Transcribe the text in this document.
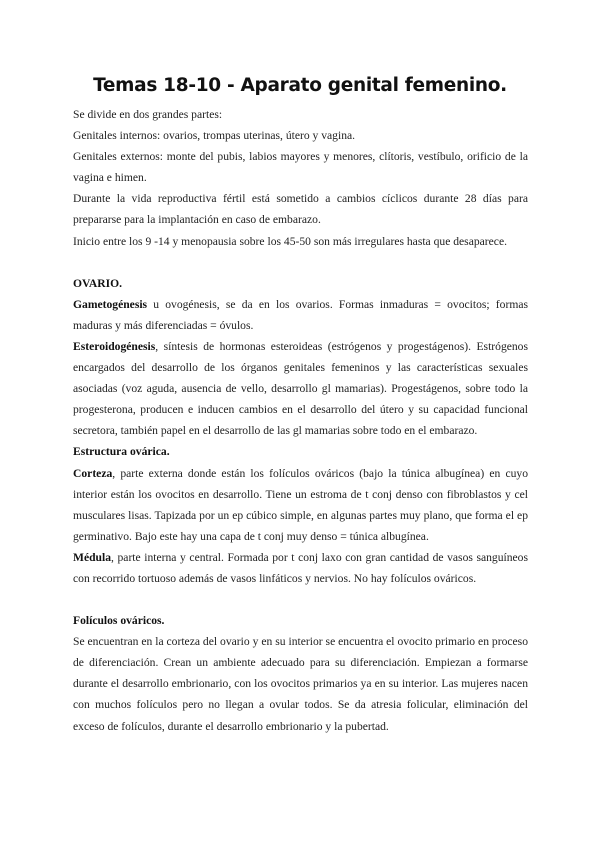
Temas 18-10 - Aparato genital femenino.

Se divide en dos grandes partes:

Genitales internos: ovarios, trompas uterinas, útero y vagina.

Genitales externos: monte del pubis, labios mayores y menores, clítoris, vestíbulo, orificio de la vagina e himen.

Durante la vida reproductiva fértil está sometido a cambios cíclicos durante 28 días para prepararse para la implantación en caso de embarazo.

Inicio entre los 9 -14 y menopausia sobre los 45-50 son más irregulares hasta que desaparece.

OVARIO.

Gametogénesis u ovogénesis, se da en los ovarios. Formas inmaduras = ovocitos; formas maduras y más diferenciadas = óvulos.

Esteroidogénesis, síntesis de hormonas esteroideas (estrógenos y progestágenos). Estrógenos encargados del desarrollo de los órganos genitales femeninos y las características sexuales asociadas (voz aguda, ausencia de vello, desarrollo gl mamarias). Progestágenos, sobre todo la progesterona, producen e inducen cambios en el desarrollo del útero y su capacidad funcional secretora, también papel en el desarrollo de las gl mamarias sobre todo en el embarazo.

Estructura ovárica.

Corteza, parte externa donde están los folículos ováricos (bajo la túnica albugínea) en cuyo interior están los ovocitos en desarrollo. Tiene un estroma de t conj denso con fibroblastos y cel musculares lisas. Tapizada por un ep cúbico simple, en algunas partes muy plano, que forma el ep germinativo. Bajo este hay una capa de t conj muy denso = túnica albugínea.

Médula, parte interna y central. Formada por t conj laxo con gran cantidad de vasos sanguíneos con recorrido tortuoso además de vasos linfáticos y nervios. No hay folículos ováricos.

Folículos ováricos.

Se encuentran en la corteza del ovario y en su interior se encuentra el ovocito primario en proceso de diferenciación. Crean un ambiente adecuado para su diferenciación. Empiezan a formarse durante el desarrollo embrionario, con los ovocitos primarios ya en su interior. Las mujeres nacen con muchos folículos pero no llegan a ovular todos. Se da atresia folicular, eliminación del exceso de folículos, durante el desarrollo embrionario y la pubertad.
